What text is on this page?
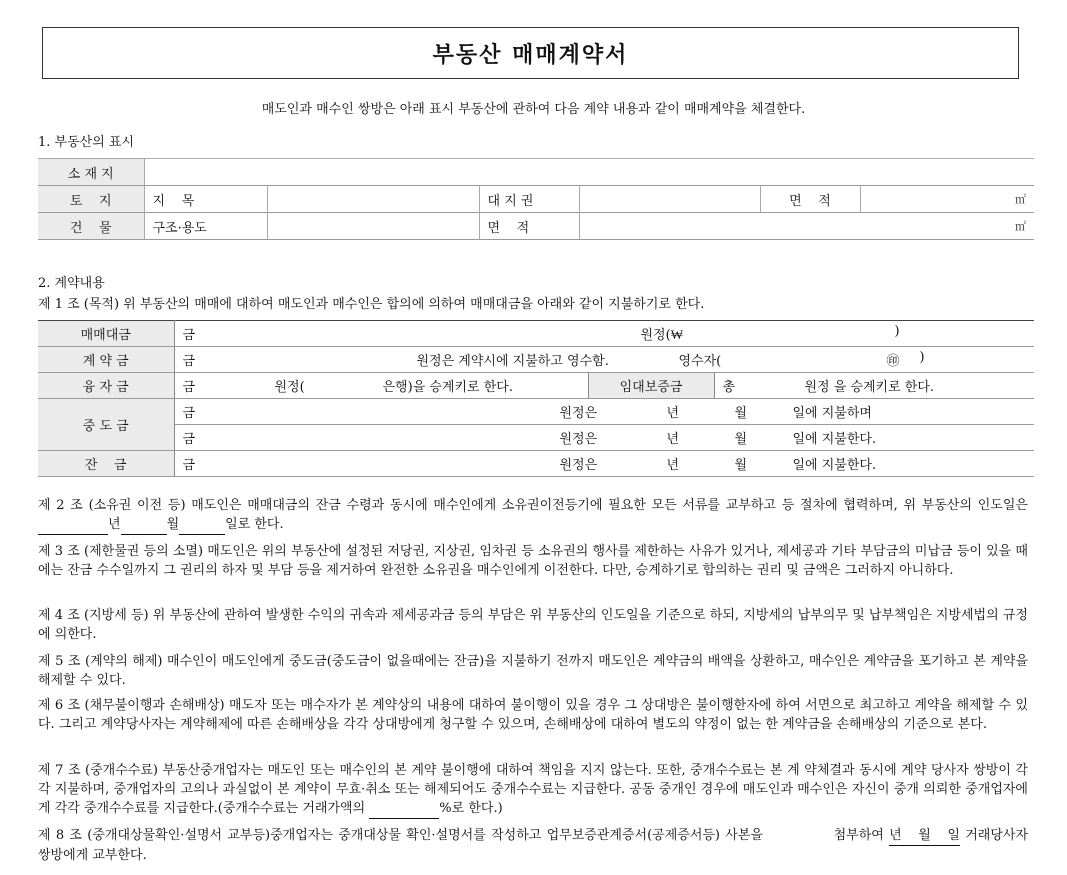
부동산 매매계약서
매도인과 매수인 쌍방은 아래 표시 부동산에 관하여 다음 계약 내용과 같이 매매계약을 체결한다.
1. 부동산의 표시
소 재 지						
토    지	지    목		대 지 권		면    적	㎡
건    물	구조·용도		면    적	㎡		
2. 계약내용
제 1 조 (목적) 위 부동산의 매매에 대하여 매도인과 매수인은 합의에 의하여 매매대금을 아래와 같이 지불하기로 한다.
매매대금	금 원정(₩ )		

계 약 금	금 원정은 계약시에 지불하고 영수함. 영수자( ㊞ )		

융 자 금	금 원정( 은행)을 승계키로 한다.	임대보증금	총 원정 을 승계키로 한다.

중 도 금	금 원정은 년 월 일에 지불하며		

	금 원정은 년 월 일에 지불한다.		

잔    금	금 원정은 년 월 일에 지불한다.		
제 2 조 (소유권 이전 등) 매도인은 매매대금의 잔금 수령과 동시에 매수인에게 소유권이전등기에 필요한 모든 서류를 교부하고 등 절차에 협력하며, 위 부동산의 인도일은  년	월	일로 한다.
제 3 조 (제한물권 등의 소멸) 매도인은 위의 부동산에 설정된 저당권, 지상권, 임차권 등 소유권의 행사를 제한하는 사유가 있거나, 제세공과 기타 부담금의 미납금 등이 있을 때에는 잔금 수수일까지 그 권리의 하자 및 부담 등을 제거하여 완전한 소유권을 매수인에게 이전한다. 다만, 승계하기로 합의하는 권리 및 금액은 그러하지 아니하다.
제 4 조 (지방세 등) 위 부동산에 관하여 발생한 수익의 귀속과 제세공과금 등의 부담은 위 부동산의 인도일을 기준으로 하되, 지방세의 납부의무 및 납부책임은 지방세법의 규정에 의한다.
제 5 조 (계약의 해제) 매수인이 매도인에게 중도금(중도금이 없을때에는 잔금)을 지불하기 전까지 매도인은 계약금의 배액을 상환하고, 매수인은 계약금을 포기하고 본 계약을 해제할 수 있다.
제 6 조 (채무불이행과 손해배상) 매도자 또는 매수자가 본 계약상의 내용에 대하여 불이행이 있을 경우 그 상대방은 불이행한자에 하여 서면으로 최고하고 계약을 해제할 수 있다. 그리고 계약당사자는 계약해제에 따른 손해배상을 각각 상대방에게 청구할 수 있으며, 손해배상에 대하여 별도의 약정이 없는 한 계약금을 손해배상의 기준으로 본다.
제 7 조 (중개수수료) 부동산중개업자는 매도인 또는 매수인의 본 계약 불이행에 대하여 책임을 지지 않는다. 또한, 중개수수료는 본 계 약체결과 동시에 계약 당사자 쌍방이 각각 지불하며, 중개업자의 고의나 과실없이 본 계약이 무효·취소 또는 해제되어도 중개수수료는 지급한다. 공동 중개인 경우에 매도인과 매수인은 자신이 중개 의뢰한 중개업자에게 각각 중개수수료를 지급한다.(중개수수료는 거래가액의	%로 한다.)
제 8 조 (중개대상물확인·설명서 교부등)중개업자는 중개대상물 확인·설명서를 작성하고 업무보증관계증서(공제증서등) 사본을	첨부하여 년 월 일 거래당사자 쌍방에게 교부한다.
